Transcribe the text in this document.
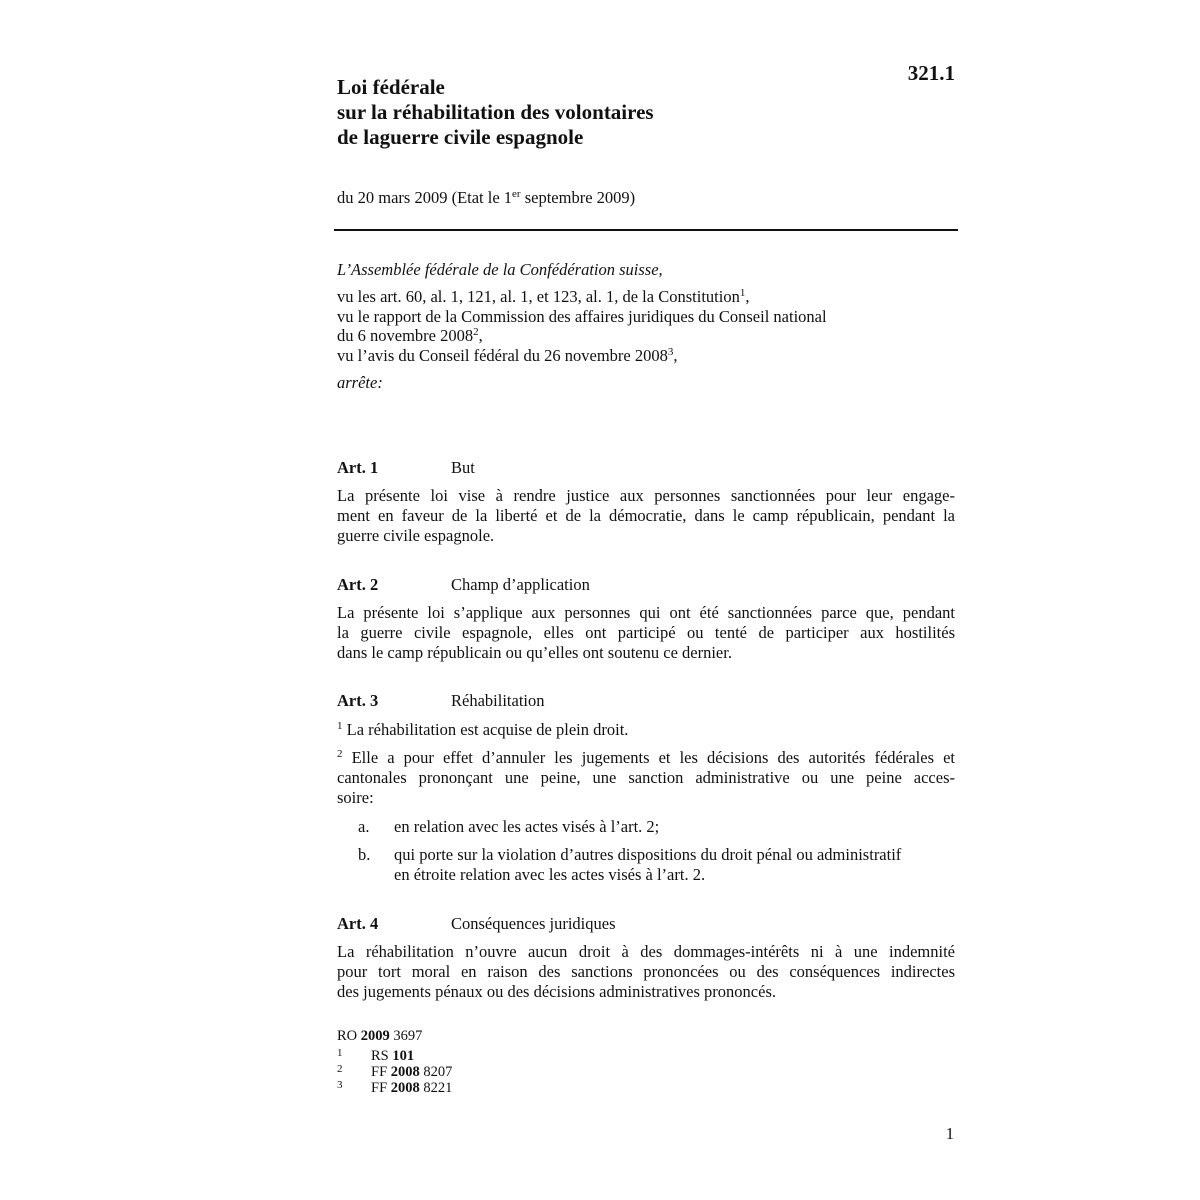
321.1
Loi fédérale
sur la réhabilitation des volontaires
de laguerre civile espagnole
du 20 mars 2009 (Etat le 1er septembre 2009)
L’Assemblée fédérale de la Confédération suisse,
vu les art. 60, al. 1, 121, al. 1, et 123, al. 1, de la Constitution$^1$,
vu le rapport de la Commission des affaires juridiques du Conseil national
du 6 novembre 2008$^2$,
vu l’avis du Conseil fédéral du 26 novembre 2008$^3$,
arrête:
Art. 1	But
La présente loi vise à rendre justice aux personnes sanctionnées pour leur engage-
ment en faveur de la liberté et de la démocratie, dans le camp républicain, pendant la
guerre civile espagnole.
Art. 2	Champ d’application
La présente loi s’applique aux personnes qui ont été sanctionnées parce que, pendant
la guerre civile espagnole, elles ont participé ou tenté de participer aux hostilités
dans le camp républicain ou qu’elles ont soutenu ce dernier.
Art. 3	Réhabilitation
$^1$ La réhabilitation est acquise de plein droit.
$^2$ Elle a pour effet d’annuler les jugements et les décisions des autorités fédérales et
cantonales prononçant une peine, une sanction administrative ou une peine acces-
soire:
a. en relation avec les actes visés à l’art. 2;
b. qui porte sur la violation d’autres dispositions du droit pénal ou administratif
en étroite relation avec les actes visés à l’art. 2.
Art. 4	Conséquences juridiques
La réhabilitation n’ouvre aucun droit à des dommages-intérêts ni à une indemnité
pour tort moral en raison des sanctions prononcées ou des conséquences indirectes
des jugements pénaux ou des décisions administratives prononcés.
RO 2009 3697
1 RS 101
2 FF 2008 8207
3 FF 2008 8221
1
